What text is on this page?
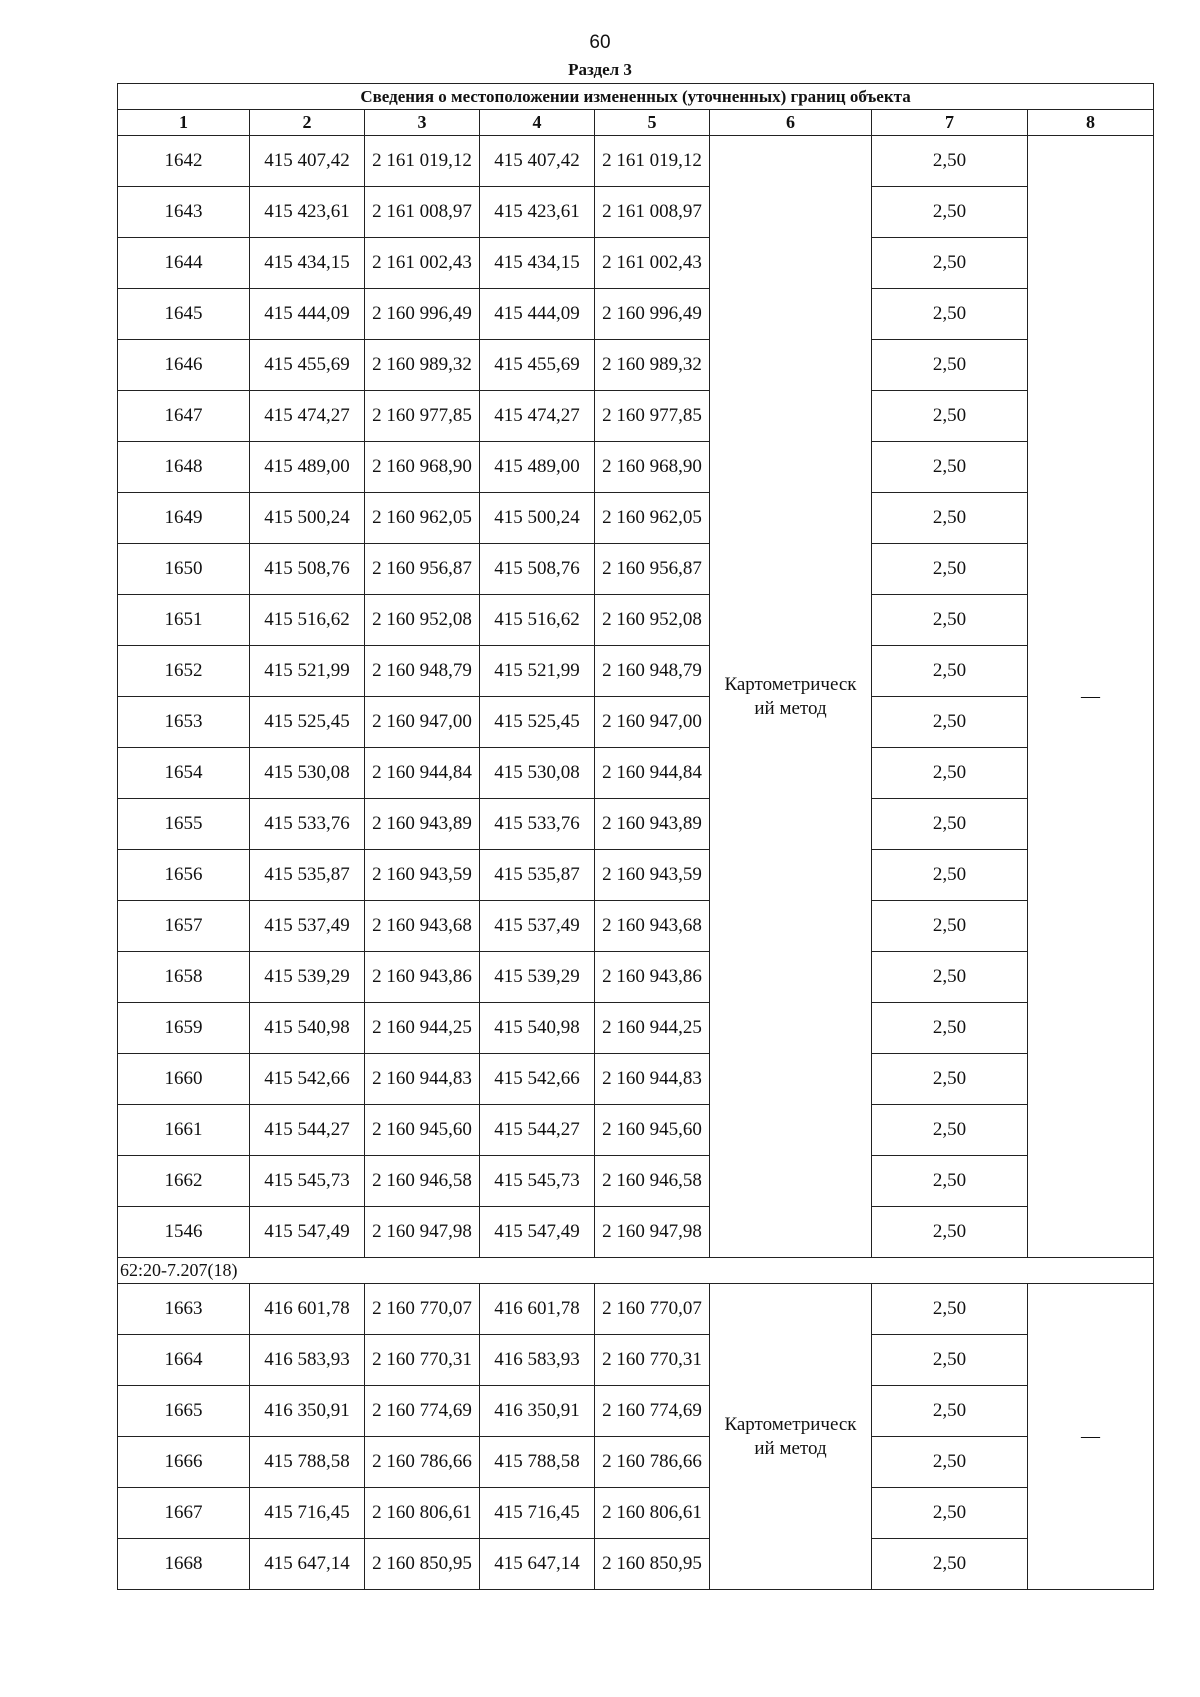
60
Раздел 3
Сведения о местоположении измененных (уточненных) границ объекта							
1	2	3	4	5	6	7	8
1642	415 407,42	2 161 019,12	415 407,42	2 161 019,12	Картометрический метод	2,50	—
1643	415 423,61	2 161 008,97	415 423,61	2 161 008,97		2,50	
1644	415 434,15	2 161 002,43	415 434,15	2 161 002,43		2,50	
1645	415 444,09	2 160 996,49	415 444,09	2 160 996,49		2,50	
1646	415 455,69	2 160 989,32	415 455,69	2 160 989,32		2,50	
1647	415 474,27	2 160 977,85	415 474,27	2 160 977,85		2,50	
1648	415 489,00	2 160 968,90	415 489,00	2 160 968,90		2,50	
1649	415 500,24	2 160 962,05	415 500,24	2 160 962,05		2,50	
1650	415 508,76	2 160 956,87	415 508,76	2 160 956,87		2,50	
1651	415 516,62	2 160 952,08	415 516,62	2 160 952,08		2,50	
1652	415 521,99	2 160 948,79	415 521,99	2 160 948,79		2,50	
1653	415 525,45	2 160 947,00	415 525,45	2 160 947,00		2,50	
1654	415 530,08	2 160 944,84	415 530,08	2 160 944,84		2,50	
1655	415 533,76	2 160 943,89	415 533,76	2 160 943,89		2,50	
1656	415 535,87	2 160 943,59	415 535,87	2 160 943,59		2,50	
1657	415 537,49	2 160 943,68	415 537,49	2 160 943,68		2,50	
1658	415 539,29	2 160 943,86	415 539,29	2 160 943,86		2,50	
1659	415 540,98	2 160 944,25	415 540,98	2 160 944,25		2,50	
1660	415 542,66	2 160 944,83	415 542,66	2 160 944,83		2,50	
1661	415 544,27	2 160 945,60	415 544,27	2 160 945,60		2,50	
1662	415 545,73	2 160 946,58	415 545,73	2 160 946,58		2,50	
1546	415 547,49	2 160 947,98	415 547,49	2 160 947,98		2,50	
62:20-7.207(18)							
1663	416 601,78	2 160 770,07	416 601,78	2 160 770,07	Картометрический метод	2,50	—
1664	416 583,93	2 160 770,31	416 583,93	2 160 770,31		2,50	
1665	416 350,91	2 160 774,69	416 350,91	2 160 774,69		2,50	
1666	415 788,58	2 160 786,66	415 788,58	2 160 786,66		2,50	
1667	415 716,45	2 160 806,61	415 716,45	2 160 806,61		2,50	
1668	415 647,14	2 160 850,95	415 647,14	2 160 850,95		2,50	
